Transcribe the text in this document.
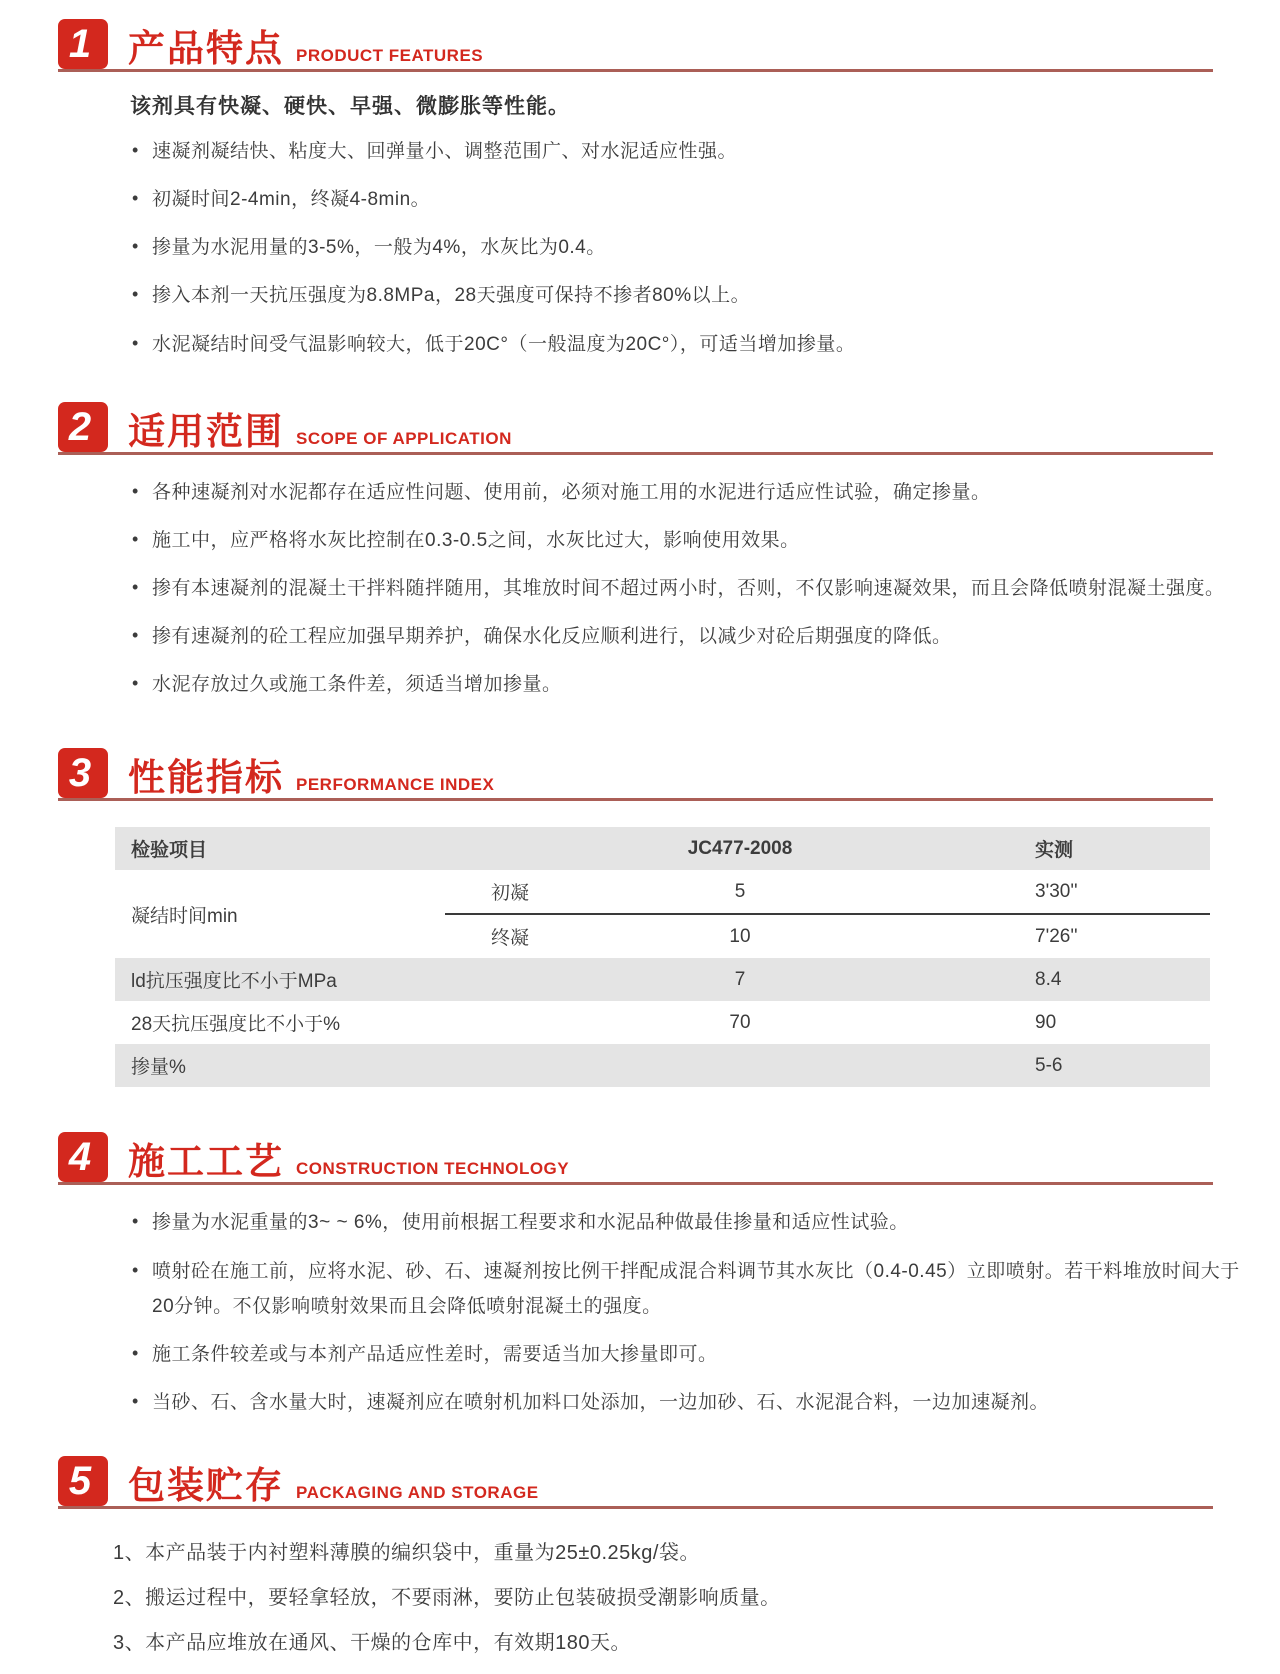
1 产品特点 PRODUCT FEATURES
该剂具有快凝、硬快、早强、微膨胀等性能。
• 速凝剂凝结快、粘度大、回弹量小、调整范围广、对水泥适应性强。
• 初凝时间2-4min，终凝4-8min。
• 掺量为水泥用量的3-5%，一般为4%，水灰比为0.4。
• 掺入本剂一天抗压强度为8.8MPa，28天强度可保持不掺者80%以上。
• 水泥凝结时间受气温影响较大，低于20C°（一般温度为20C°），可适当增加掺量。
2 适用范围 SCOPE OF APPLICATION
• 各种速凝剂对水泥都存在适应性问题、使用前，必须对施工用的水泥进行适应性试验，确定掺量。
• 施工中，应严格将水灰比控制在0.3-0.5之间，水灰比过大，影响使用效果。
• 掺有本速凝剂的混凝土干拌料随拌随用，其堆放时间不超过两小时，否则，不仅影响速凝效果，而且会降低喷射混凝土强度。
• 掺有速凝剂的砼工程应加强早期养护，确保水化反应顺利进行，以减少对砼后期强度的降低。
• 水泥存放过久或施工条件差，须适当增加掺量。
3 性能指标 PERFORMANCE INDEX
检验项目		JC477-2008	实测
凝结时间min	初凝	5	3'30''
	终凝	10	7'26''
ld抗压强度比不小于MPa		7	8.4
28天抗压强度比不小于%		70	90
掺量%			5-6
4 施工工艺 CONSTRUCTION TECHNOLOGY
• 掺量为水泥重量的3~ ~ 6%，使用前根据工程要求和水泥品种做最佳掺量和适应性试验。
• 喷射砼在施工前，应将水泥、砂、石、速凝剂按比例干拌配成混合料调节其水灰比（0.4-0.45）立即喷射。若干料堆放时间大于20分钟。不仅影响喷射效果而且会降低喷射混凝土的强度。
• 施工条件较差或与本剂产品适应性差时，需要适当加大掺量即可。
• 当砂、石、含水量大时，速凝剂应在喷射机加料口处添加，一边加砂、石、水泥混合料，一边加速凝剂。
5 包装贮存 PACKAGING AND STORAGE
1、本产品装于内衬塑料薄膜的编织袋中，重量为25±0.25kg/袋。
2、搬运过程中，要轻拿轻放，不要雨淋，要防止包装破损受潮影响质量。
3、本产品应堆放在通风、干燥的仓库中，有效期180天。
